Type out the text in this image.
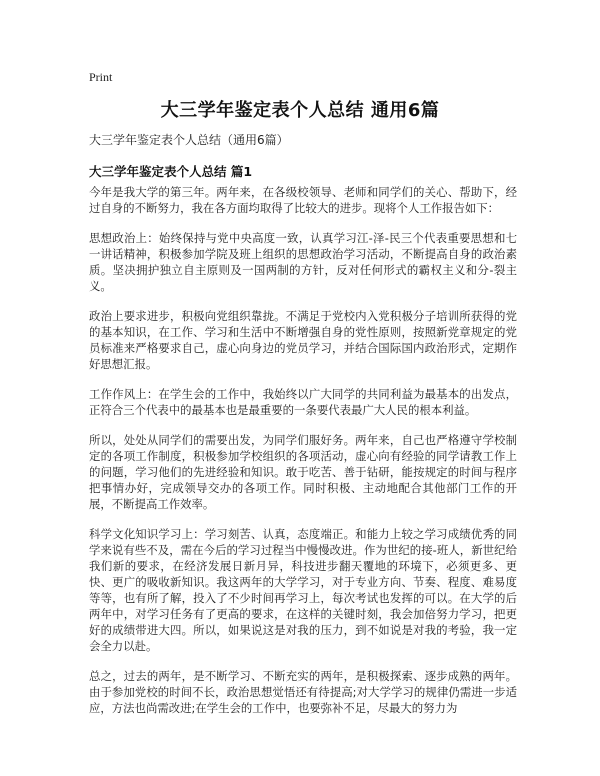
Print
大三学年鉴定表个人总结 通用6篇
大三学年鉴定表个人总结（通用6篇）
大三学年鉴定表个人总结 篇1

今年是我大学的第三年。两年来，在各级校领导、老师和同学们的关心、帮助下，经过自身的不断努力，我在各方面均取得了比较大的进步。现将个人工作报告如下：

思想政治上：始终保持与党中央高度一致，认真学习江-泽-民三个代表重要思想和七一讲话精神，积极参加学院及班上组织的思想政治学习活动，不断提高自身的政治素质。坚决拥护独立自主原则及一国两制的方针，反对任何形式的霸权主义和分-裂主义。

政治上要求进步，积极向党组织靠拢。不满足于党校内入党积极分子培训所获得的党的基本知识，在工作、学习和生活中不断增强自身的党性原则，按照新党章规定的党员标准来严格要求自己，虚心向身边的党员学习，并结合国际国内政治形式，定期作好思想汇报。

工作作风上：在学生会的工作中，我始终以广大同学的共同利益为最基本的出发点，正符合三个代表中的最基本也是最重要的一条要代表最广大人民的根本利益。

所以，处处从同学们的需要出发，为同学们服好务。两年来，自己也严格遵守学校制定的各项工作制度，积极参加学校组织的各项活动，虚心向有经验的同学请教工作上的问题，学习他们的先进经验和知识。敢于吃苦、善于钻研，能按规定的时间与程序把事情办好，完成领导交办的各项工作。同时积极、主动地配合其他部门工作的开展，不断提高工作效率。

科学文化知识学习上：学习刻苦、认真，态度端正。和能力上较之学习成绩优秀的同学来说有些不及，需在今后的学习过程当中慢慢改进。作为世纪的接-班人，新世纪给我们新的要求，在经济发展日新月异，科技进步翻天覆地的环境下，必须更多、更快、更广的吸收新知识。我这两年的大学学习，对于专业方向、节奏、程度、难易度等等，也有所了解，投入了不少时间再学习上，每次考试也发挥的可以。在大学的后两年中，对学习任务有了更高的要求，在这样的关键时刻，我会加倍努力学习，把更好的成绩带进大四。所以，如果说这是对我的压力，到不如说是对我的考验，我一定会全力以赴。

总之，过去的两年，是不断学习、不断充实的两年，是积极探索、逐步成熟的两年。由于参加党校的时间不长，政治思想觉悟还有待提高;对大学学习的规律仍需进一步适应，方法也尚需改进;在学生会的工作中，也要弥补不足，尽最大的努力为
